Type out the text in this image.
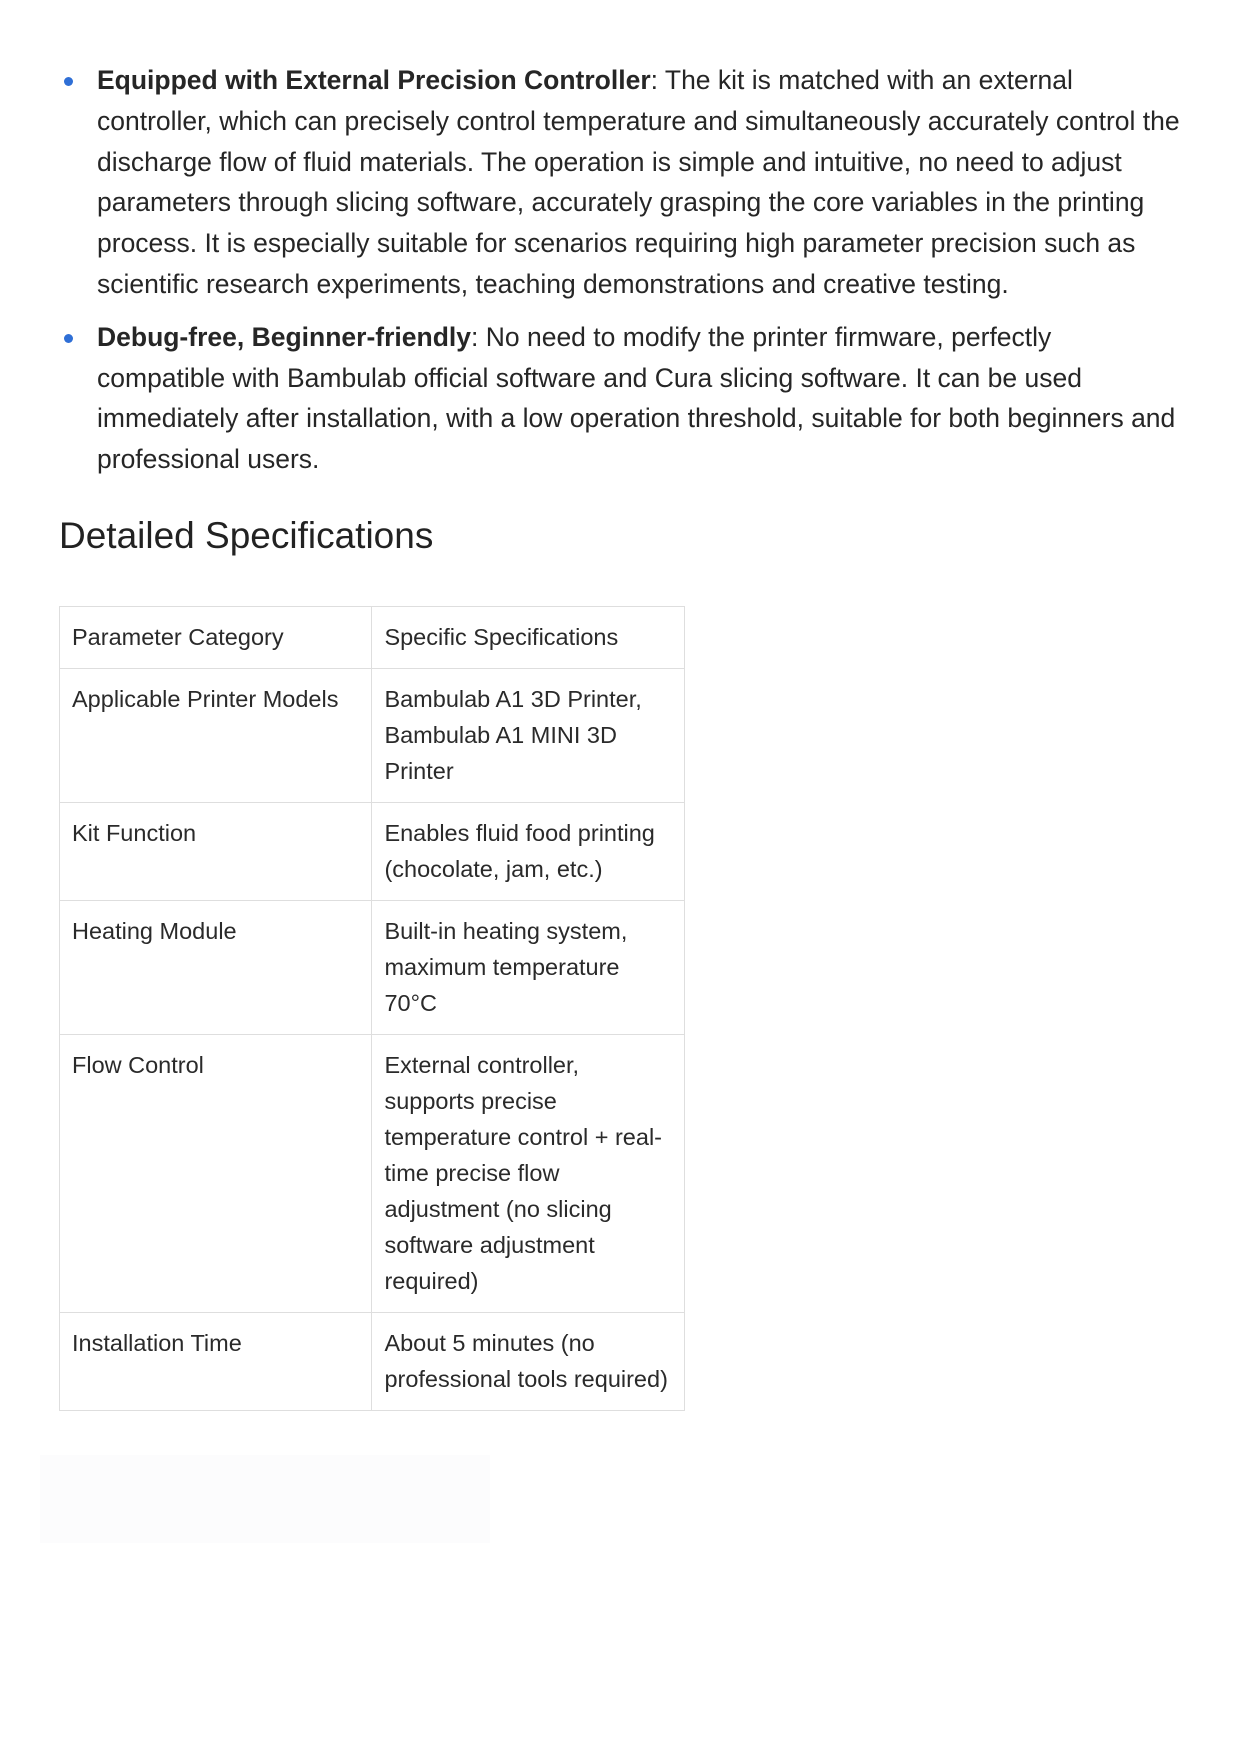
Equipped with External Precision Controller: The kit is matched with an external controller, which can precisely control temperature and simultaneously accurately control the discharge flow of fluid materials. The operation is simple and intuitive, no need to adjust parameters through slicing software, accurately grasping the core variables in the printing process. It is especially suitable for scenarios requiring high parameter precision such as scientific research experiments, teaching demonstrations and creative testing.
Debug-free, Beginner-friendly: No need to modify the printer firmware, perfectly compatible with Bambulab official software and Cura slicing software. It can be used immediately after installation, with a low operation threshold, suitable for both beginners and professional users.
Detailed Specifications
Parameter Category	Specific Specifications
Applicable Printer Models	Bambulab A1 3D Printer, Bambulab A1 MINI 3D Printer
Kit Function	Enables fluid food printing (chocolate, jam, etc.)
Heating Module	Built-in heating system, maximum temperature 70°C
Flow Control	External controller, supports precise temperature control + real-time precise flow adjustment (no slicing software adjustment required)
Installation Time	About 5 minutes (no professional tools required)
